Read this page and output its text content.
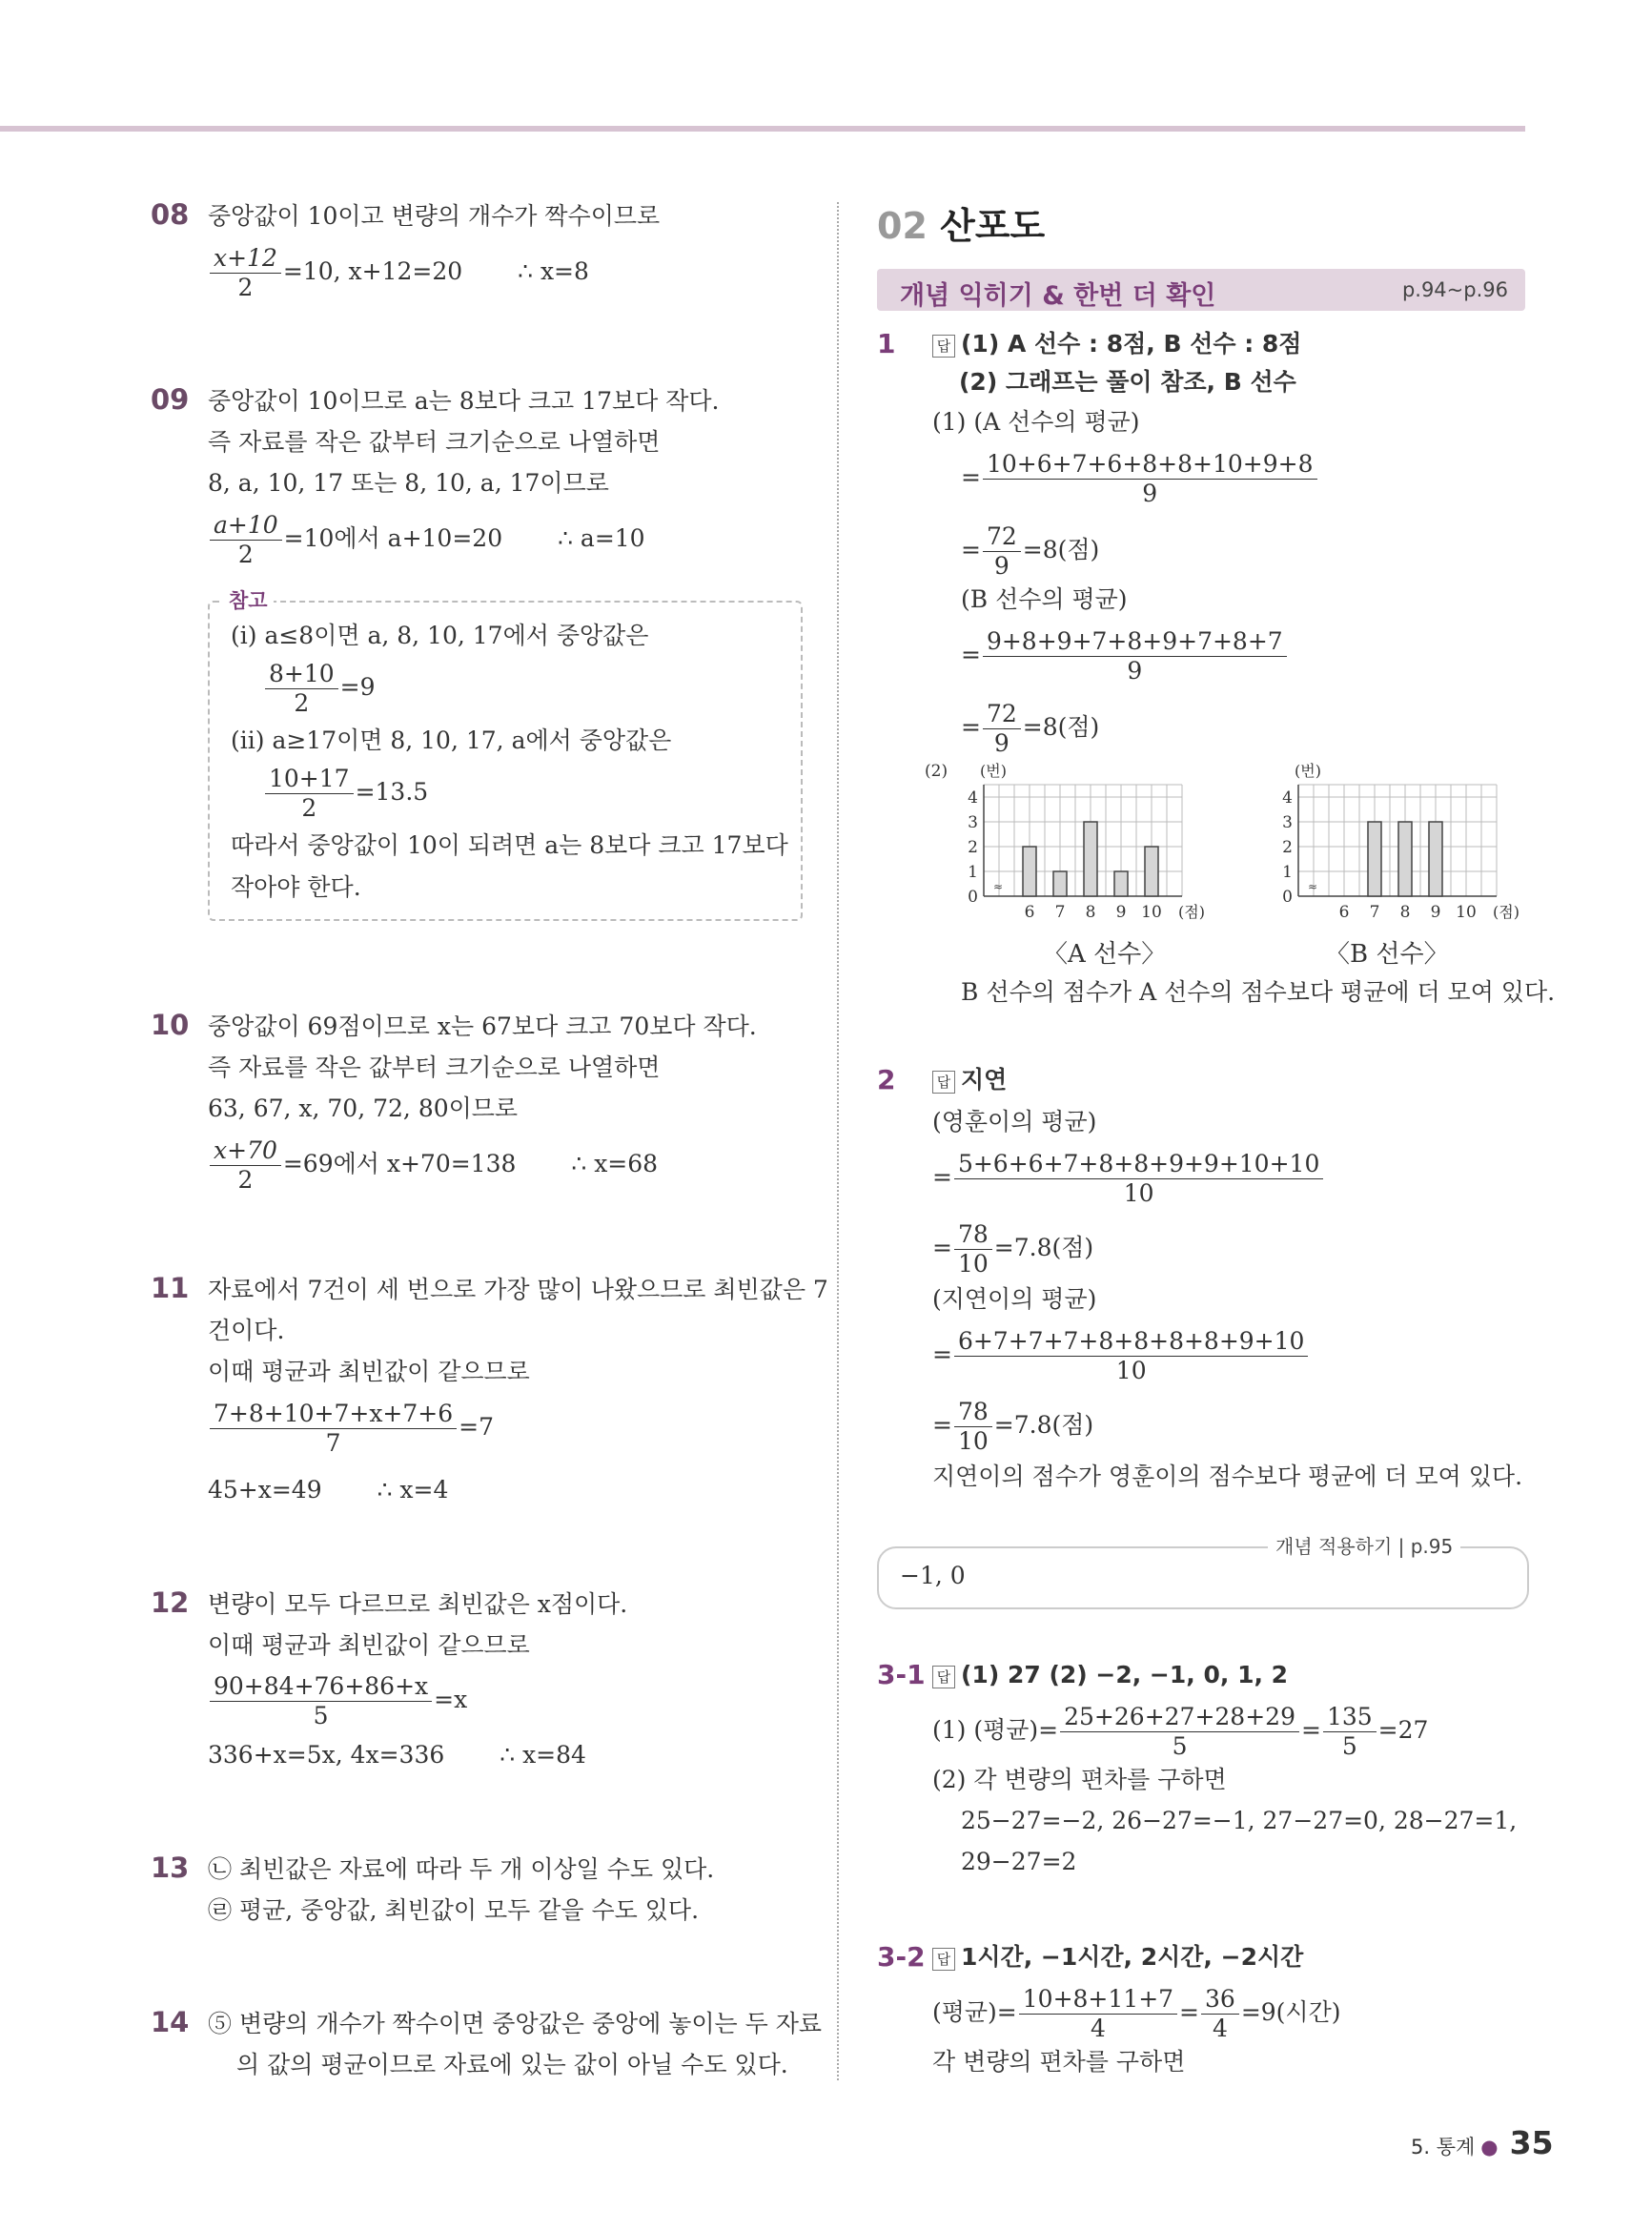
08 중앙값이 10이고 변량의 개수가 짝수이므로
$\frac{x+12}{2} =10$, x+12=20 ∴ x=8
09 중앙값이 10이므로 a는 8보다 크고 17보다 작다.
즉 자료를 작은 값부터 크기순으로 나열하면
8, a, 10, 17 또는 8, 10, a, 17이므로
$\frac{a+10}{2} =10$에서 a+10=20 ∴ a=10
참고
(i) a≤8이면 a, 8, 10, 17에서 중앙값은
$\frac{8+10}{2} =9$
(ii) a≥17이면 8, 10, 17, a에서 중앙값은
$\frac{10+17}{2} =13.5$
따라서 중앙값이 10이 되려면 a는 8보다 크고 17보다
작아야 한다.
10 중앙값이 69점이므로 x는 67보다 크고 70보다 작다.
즉 자료를 작은 값부터 크기순으로 나열하면
63, 67, x, 70, 72, 80이므로
$\frac{x+70}{2} =69$에서 x+70=138 ∴ x=68
11 자료에서 7건이 세 번으로 가장 많이 나왔으므로 최빈값은 7
건이다.
이때 평균과 최빈값이 같으므로
$\frac{7+8+10+7+x+7+6}{7} =7$
45+x=49 ∴ x=4
12 변량이 모두 다르므로 최빈값은 x점이다.
이때 평균과 최빈값이 같으므로
$\frac{90+84+76+86+x}{5} =x$
336+x=5x, 4x=336 ∴ x=84
13 ㉡ 최빈값은 자료에 따라 두 개 이상일 수도 있다.
㉣ 평균, 중앙값, 최빈값이 모두 같을 수도 있다.
14 ⑤ 변량의 개수가 짝수이면 중앙값은 중앙에 놓이는 두 자료
의 값의 평균이므로 자료에 있는 값이 아닐 수도 있다.
02 산포도
개념 익히기 & 한번 더 확인	p.94~p.96
1	답 (1) A 선수 : 8점, B 선수 : 8점
(2) 그래프는 풀이 참조, B 선수
(1) (A 선수의 평균)
= $\frac{10+6+7+6+8+8+10+9+8}{9}$
= $\frac{72}{9} =8$(점)
(B 선수의 평균)
= $\frac{9+8+9+7+8+9+7+8+7}{9}$
= $\frac{72}{9} =8$(점)
≈
0
1
2
3
4
(번)
(2)
6 7 8 9 10 (점)
≈
0
1
2
3
4
(번)
6 7 8 9 10 (점)
〈A 선수〉	〈B 선수〉
B 선수의 점수가 A 선수의 점수보다 평균에 더 모여 있다.
2	답 지연
(영훈이의 평균)
= $\frac{5+6+6+7+8+8+9+9+10+10}{10}$
= $\frac{78}{10} =7.8$(점)
(지연이의 평균)
= $\frac{6+7+7+7+8+8+8+8+9+10}{10}$
= $\frac{78}{10} =7.8$(점)
지연이의 점수가 영훈이의 점수보다 평균에 더 모여 있다.
개념 적용하기 | p.95
−1, 0
3-1 답 (1) 27 (2) −2, −1, 0, 1, 2
(1) (평균)= $\frac{25+26+27+28+29}{5} = \frac{135}{5} =27$
(2) 각 변량의 편차를 구하면
25−27=−2, 26−27=−1, 27−27=0, 28−27=1,
29−27=2
3-2 답 1시간, −1시간, 2시간, −2시간
(평균)= $\frac{10+8+11+7}{4} = \frac{36}{4} =9$(시간)
각 변량의 편차를 구하면
5. 통계 ● 35
